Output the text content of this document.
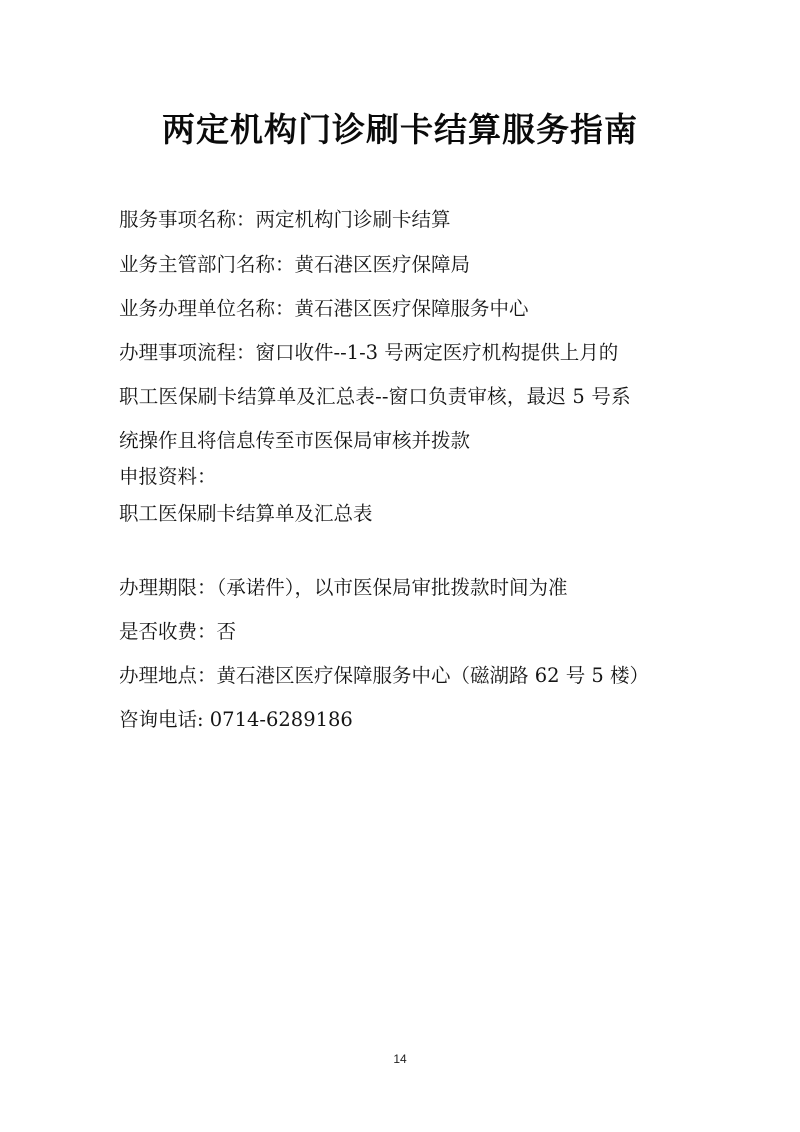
两定机构门诊刷卡结算服务指南
服务事项名称：两定机构门诊刷卡结算
业务主管部门名称：黄石港区医疗保障局
业务办理单位名称：黄石港区医疗保障服务中心
办理事项流程：窗口收件--1-3 号两定医疗机构提供上月的
职工医保刷卡结算单及汇总表--窗口负责审核，最迟 5 号系
统操作且将信息传至市医保局审核并拨款
申报资料：
职工医保刷卡结算单及汇总表
办理期限：（承诺件），以市医保局审批拨款时间为准
是否收费：否
办理地点：黄石港区医疗保障服务中心（磁湖路 62 号 5 楼）
咨询电话: 0714-6289186
14
